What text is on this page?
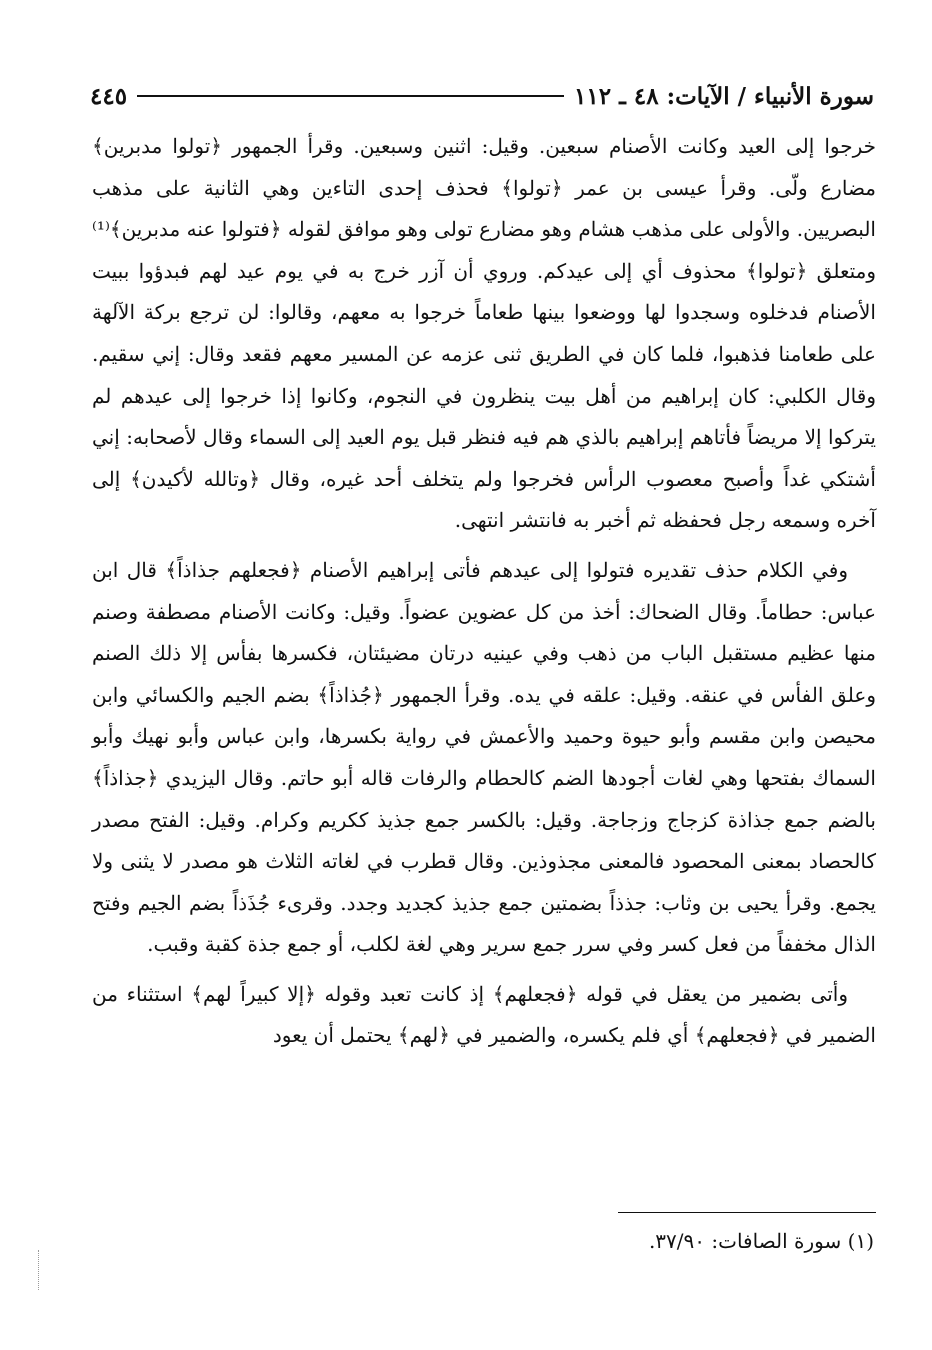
سورة الأنبياء / الآيات: ٤٨ ـ ١١٢
٤٤٥

خرجوا إلى العيد وكانت الأصنام سبعين. وقيل: اثنين وسبعين. وقرأ الجمهور ﴿تولوا مدبرين﴾ مضارع ولّى. وقرأ عيسى بن عمر ﴿تولوا﴾ فحذف إحدى التاءين وهي الثانية على مذهب البصريين. والأولى على مذهب هشام وهو مضارع تولى وهو موافق لقوله ﴿فتولوا عنه مدبرين﴾⁽¹⁾ ومتعلق ﴿تولوا﴾ محذوف أي إلى عيدكم. وروي أن آزر خرج به في يوم عيد لهم فبدؤوا ببيت الأصنام فدخلوه وسجدوا لها ووضعوا بينها طعاماً خرجوا به معهم، وقالوا: لن ترجع بركة الآلهة على طعامنا فذهبوا، فلما كان في الطريق ثنى عزمه عن المسير معهم فقعد وقال: إني سقيم. وقال الكلبي: كان إبراهيم من أهل بيت ينظرون في النجوم، وكانوا إذا خرجوا إلى عيدهم لم يتركوا إلا مريضاً فأتاهم إبراهيم بالذي هم فيه فنظر قبل يوم العيد إلى السماء وقال لأصحابه: إني أشتكي غداً وأصبح معصوب الرأس فخرجوا ولم يتخلف أحد غيره، وقال ﴿وتالله لأكيدن﴾ إلى آخره وسمعه رجل فحفظه ثم أخبر به فانتشر انتهى.

وفي الكلام حذف تقديره فتولوا إلى عيدهم فأتى إبراهيم الأصنام ﴿فجعلهم جذاذاً﴾ قال ابن عباس: حطاماً. وقال الضحاك: أخذ من كل عضوين عضواً. وقيل: وكانت الأصنام مصطفة وصنم منها عظيم مستقبل الباب من ذهب وفي عينيه درتان مضيئتان، فكسرها بفأس إلا ذلك الصنم وعلق الفأس في عنقه. وقيل: علقه في يده. وقرأ الجمهور ﴿جُذاذاً﴾ بضم الجيم والكسائي وابن محيصن وابن مقسم وأبو حيوة وحميد والأعمش في رواية بكسرها، وابن عباس وأبو نهيك وأبو السماك بفتحها وهي لغات أجودها الضم كالحطام والرفات قاله أبو حاتم. وقال اليزيدي ﴿جذاذاً﴾ بالضم جمع جذاذة كزجاج وزجاجة. وقيل: بالكسر جمع جذيذ ككريم وكرام. وقيل: الفتح مصدر كالحصاد بمعنى المحصود فالمعنى مجذوذين. وقال قطرب في لغاته الثلاث هو مصدر لا يثنى ولا يجمع. وقرأ يحيى بن وثاب: جذذاً بضمتين جمع جذيذ كجديد وجدد. وقرىء جُذَذاً بضم الجيم وفتح الذال مخففاً من فعل كسر وفي سرر جمع سرير وهي لغة لكلب، أو جمع جذة كقبة وقبب.

وأتى بضمير من يعقل في قوله ﴿فجعلهم﴾ إذ كانت تعبد وقوله ﴿إلا كبيراً لهم﴾ استثناء من الضمير في ﴿فجعلهم﴾ أي فلم يكسره، والضمير في ﴿لهم﴾ يحتمل أن يعود

(١) سورة الصافات: ٣٧/٩٠.
